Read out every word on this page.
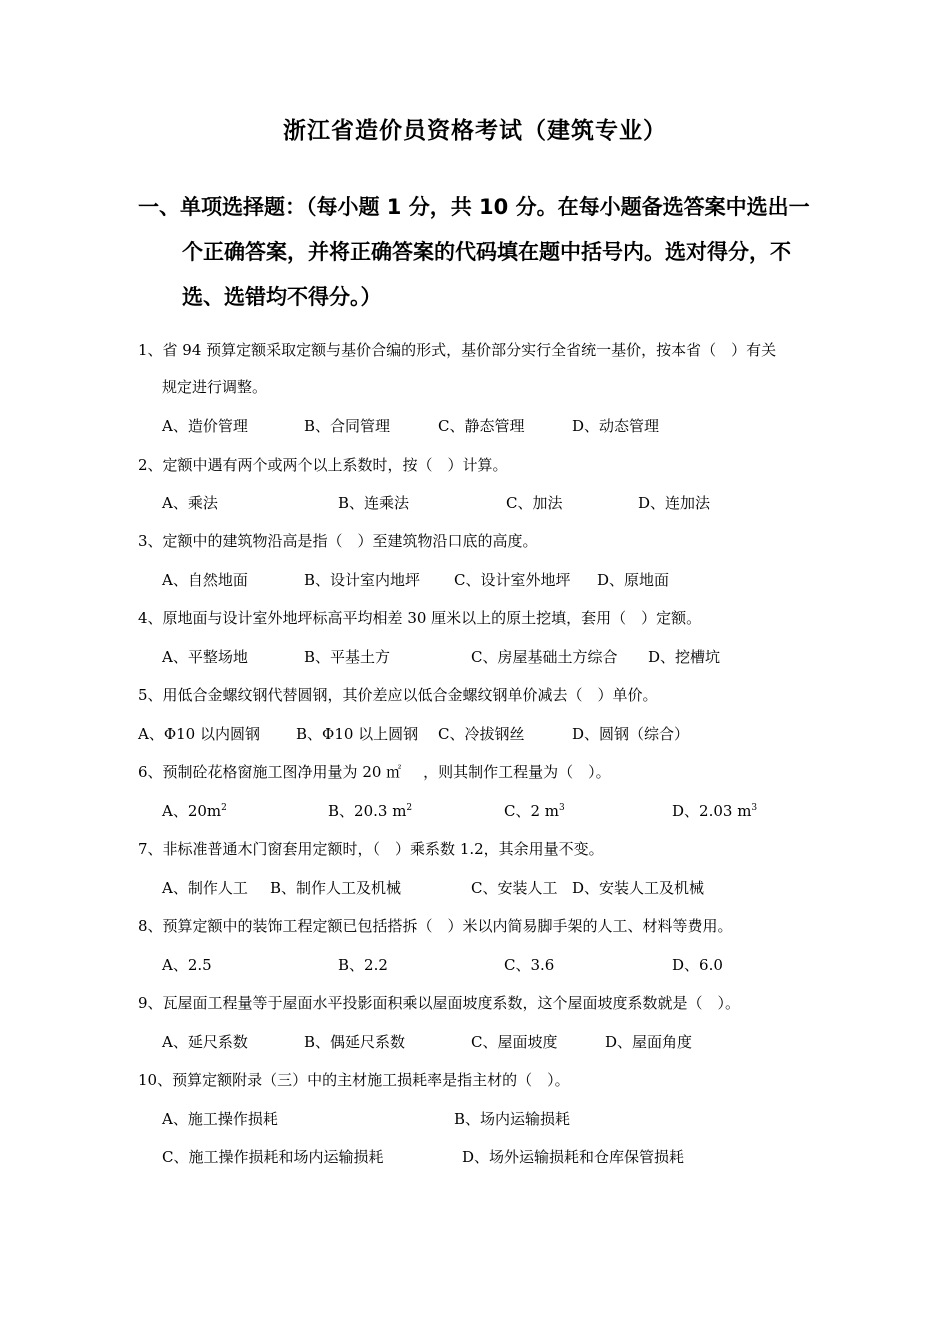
浙江省造价员资格考试（建筑专业）
一、单项选择题：（每小题 1 分，共 10 分。在每小题备选答案中选出一
个正确答案，并将正确答案的代码填在题中括号内。选对得分，不
选、选错均不得分。）
1、省 94 预算定额采取定额与基价合编的形式，基价部分实行全省统一基价，按本省（　）有关
规定进行调整。
A、造价管理	B、合同管理	C、静态管理	D、动态管理
2、定额中遇有两个或两个以上系数时，按（　）计算。
A、乘法	B、连乘法	C、加法	D、连加法
3、定额中的建筑物沿高是指（　）至建筑物沿口底的高度。
A、自然地面	B、设计室内地坪 C、设计室外地坪 D、原地面
4、原地面与设计室外地坪标高平均相差 30 厘米以上的原土挖填，套用（　）定额。
A、平整场地	B、平基土方	C、房屋基础土方综合 D、挖槽坑
5、用低合金螺纹钢代替圆钢，其价差应以低合金螺纹钢单价减去（　）单价。
A、Φ10 以内圆钢 B、Φ10 以上圆钢 C、冷拔钢丝	D、圆钢（综合）
6、预制砼花格窗施工图净用量为 20 ㎡ ，则其制作工程量为（　）。
A、$20m^2$	B、20.3 $m^2$	C、2 $m^3$	D、2.03 $m^3$
7、非标准普通木门窗套用定额时，（　）乘系数 1.2，其余用量不变。
A、制作人工 B、制作人工及机械	C、安装人工 D、安装人工及机械
8、预算定额中的装饰工程定额已包括搭拆（　）米以内简易脚手架的人工、材料等费用。
A、2.5	B、2.2	C、3.6	D、6.0
9、瓦屋面工程量等于屋面水平投影面积乘以屋面坡度系数，这个屋面坡度系数就是（　）。
A、延尺系数	B、偶延尺系数	C、屋面坡度	D、屋面角度
10、预算定额附录（三）中的主材施工损耗率是指主材的（　）。
A、施工操作损耗	B、场内运输损耗
C、施工操作损耗和场内运输损耗	D、场外运输损耗和仓库保管损耗
